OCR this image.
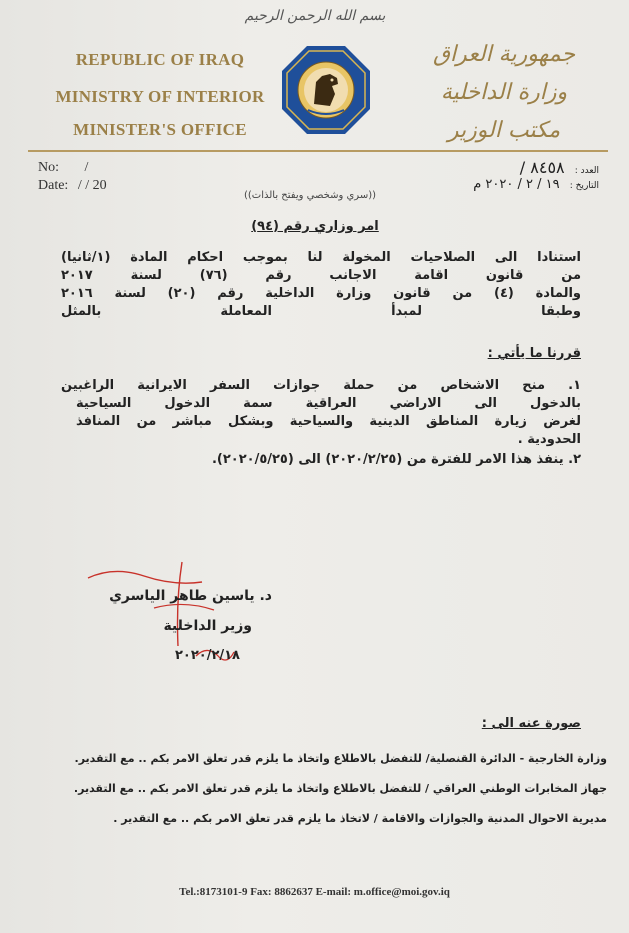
بسم الله الرحمن الرحيم
REPUBLIC OF IRAQ
MINISTRY OF INTERIOR
MINISTER'S OFFICE
جمهورية العراق
وزارة الداخلية
مكتب الوزير
No: /
Date: / / 20
العدد : ٨٤٥٨ /
التاريخ : ١٩ / ٢ / ٢٠٢٠ م
((سري وشخصي ويفتح بالذات))
امر وزاري رقم (٩٤)
استنادا الى الصلاحيات المخولة لنا بموجب احكام المادة (١/ثانيا)
من قانون اقامة الاجانب رقم (٧٦) لسنة ٢٠١٧
والمادة (٤) من قانون وزارة الداخلية رقم (٢٠) لسنة ٢٠١٦
وطبقا لمبدأ المعاملة بالمثل
قررنا ما يأتي :
١. منح الاشخاص من حملة جوازات السفر الايرانية الراغبين
بالدخول الى الاراضي العراقية سمة الدخول السياحية
لغرض زيارة المناطق الدينية والسياحية وبشكل مباشر من المنافذ
الحدودية .
٢. ينفذ هذا الامر للفترة من (٢٠٢٠/٢/٢٥) الى (٢٠٢٠/٥/٢٥).
د. ياسين طاهر الياسري
وزير الداخلية
٢٠٢٠/٢/١٨
صورة عنه الى :
وزارة الخارجية - الدائرة القنصلية/ للتفضل بالاطلاع واتخاذ ما يلزم قدر تعلق الامر بكم .. مع التقدير.
جهاز المخابرات الوطني العراقي / للتفضل بالاطلاع واتخاذ ما يلزم قدر تعلق الامر بكم .. مع التقدير.
مديرية الاحوال المدنية والجوازات والاقامة / لاتخاذ ما يلزم قدر تعلق الامر بكم .. مع التقدير .
Tel.:8173101-9 Fax: 8862637 E-mail: m.office@moi.gov.iq
